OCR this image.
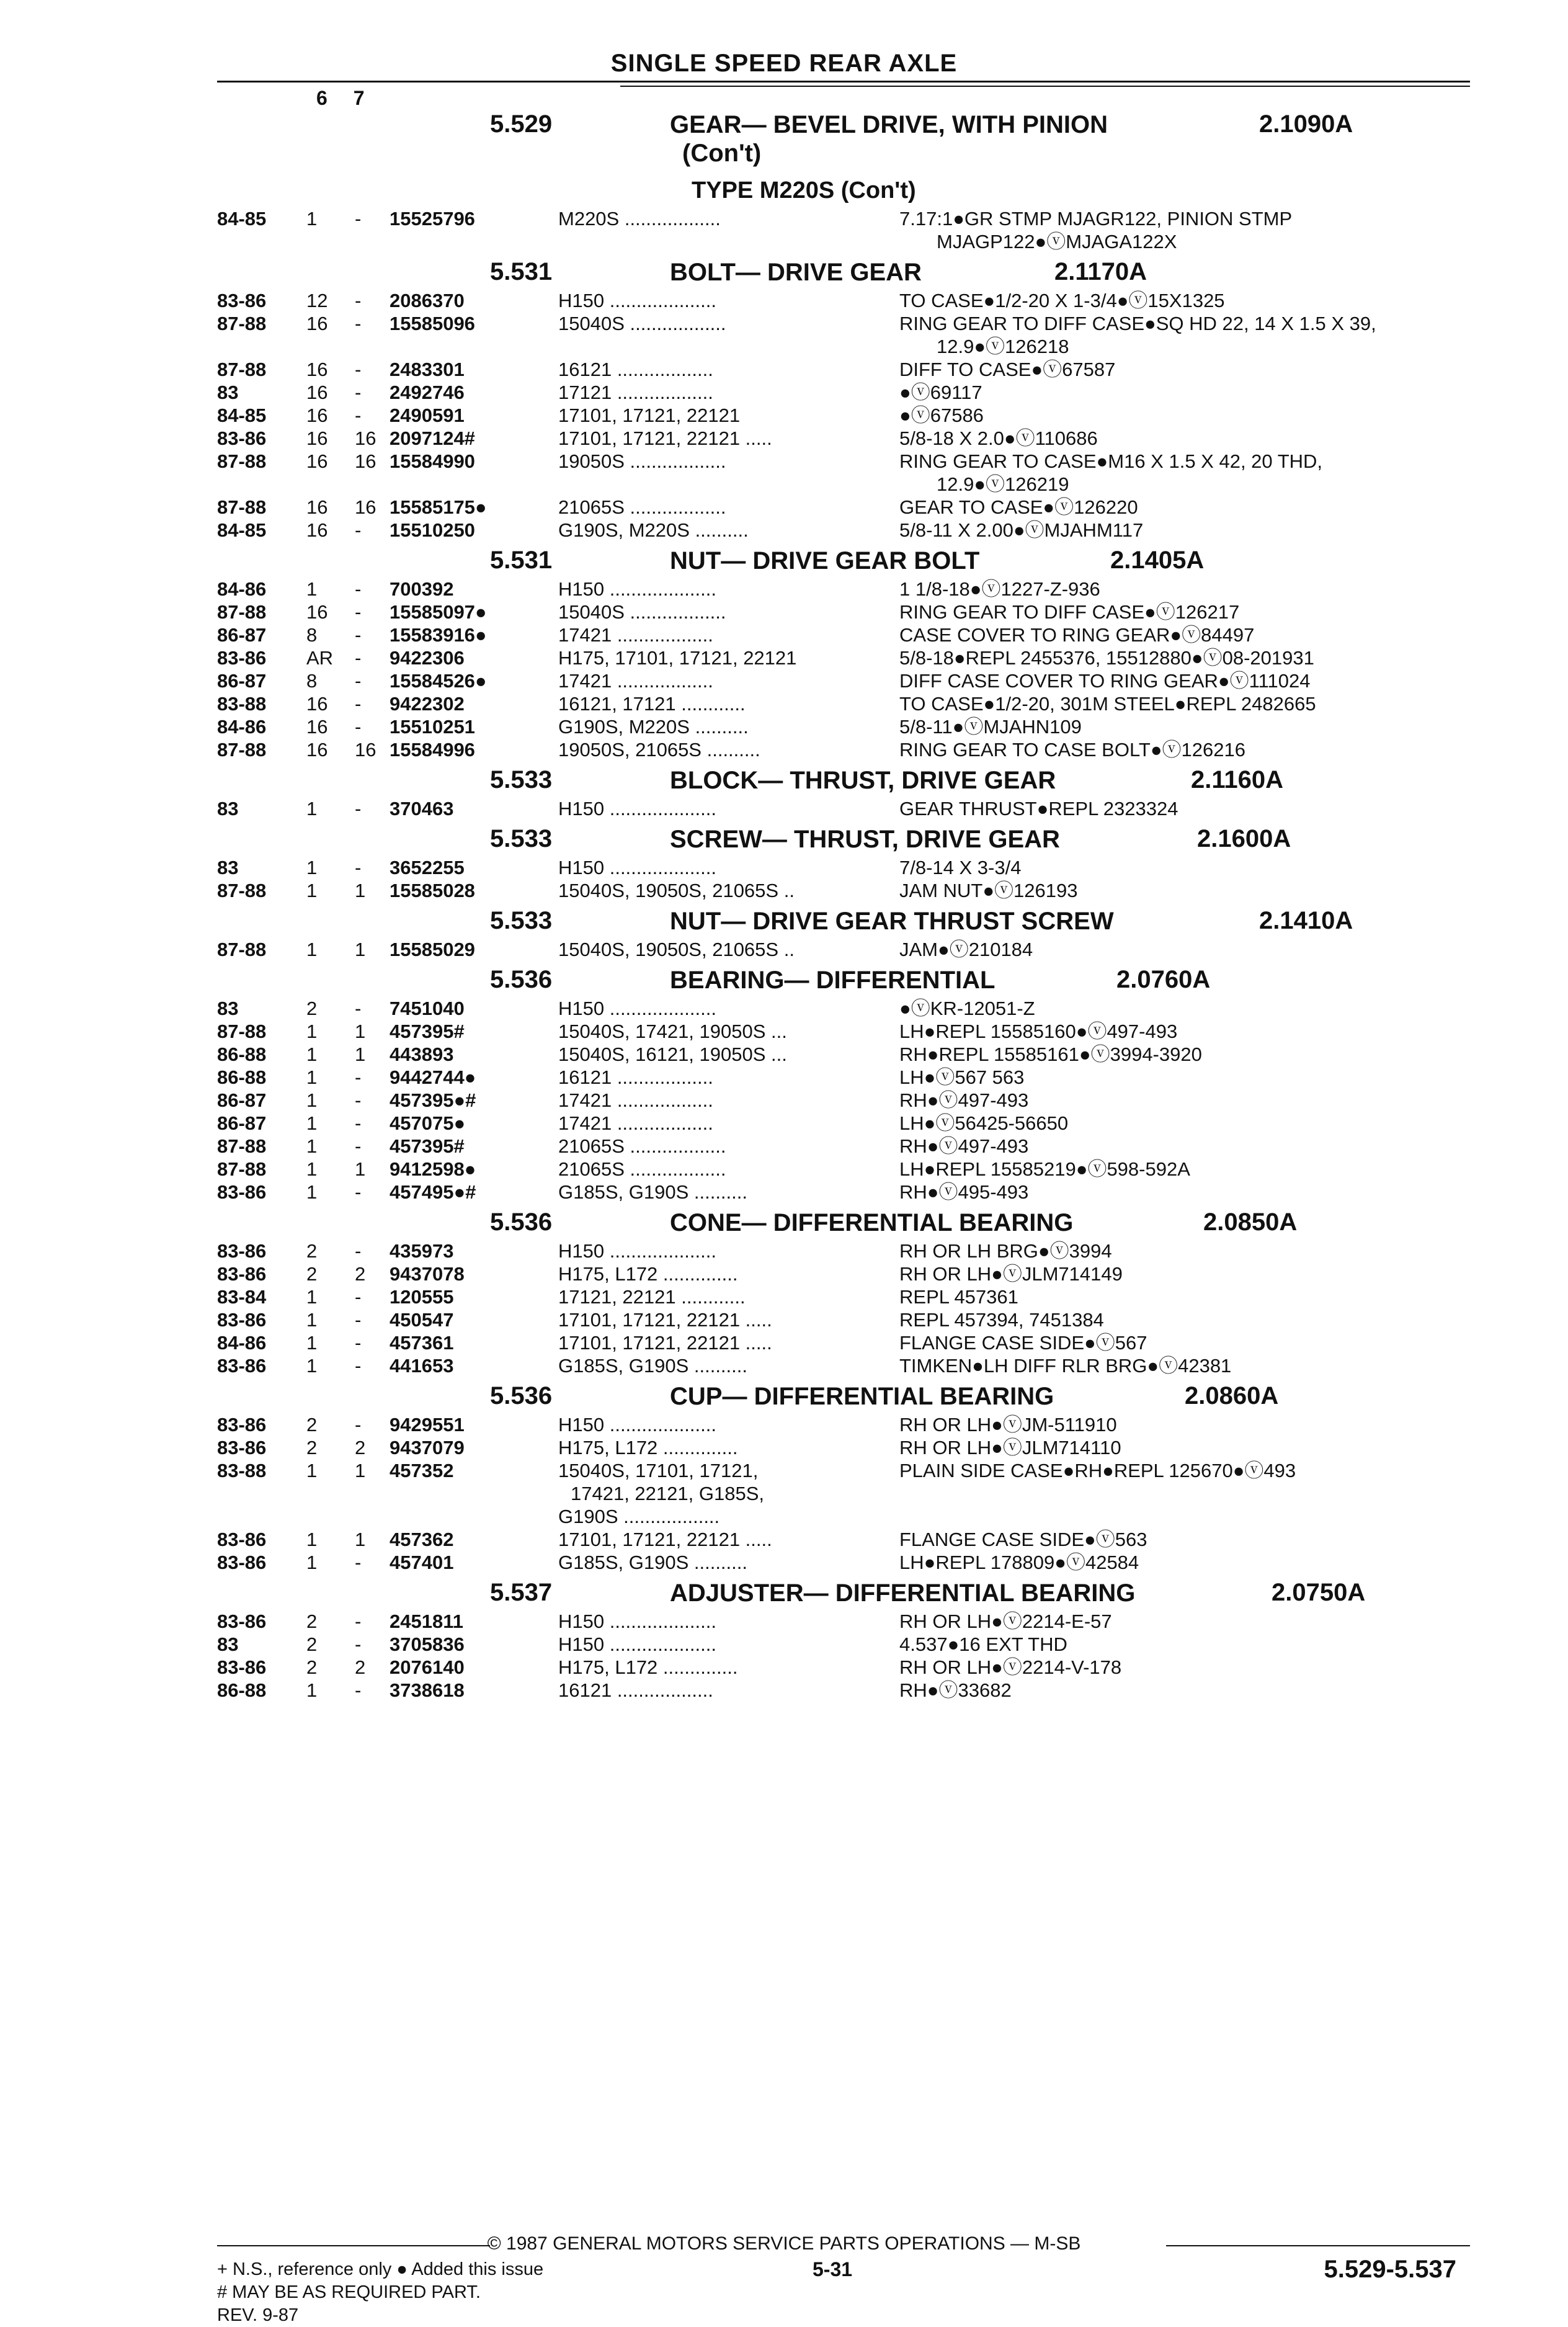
SINGLE SPEED REAR AXLE
6 7
5.529	GEAR— BEVEL DRIVE, WITH PINION
(Con't)
2.1090A
TYPE M220S (Con't)
84-85 1 - 15525796	M220S ..................	7.17:1●GR STMP MJAGR122, PINION STMP
MJAGP122●ⓥMJAGA122X
5.531	BOLT— DRIVE GEAR	2.1170A
83-86 12 - 2086370	H150 ....................	TO CASE●1/2-20 X 1-3/4●ⓥ15X1325
87-88 16 - 15585096	15040S ..................	RING GEAR TO DIFF CASE●SQ HD 22, 14 X 1.5 X 39,
12.9●ⓥ126218
87-88 16 - 2483301	16121 ..................	DIFF TO CASE●ⓥ67587
83	16 - 2492746	17121 ..................	●ⓥ69117
84-85 16 - 2490591	17101, 17121, 22121	●ⓥ67586
83-86 16 16 2097124#	17101, 17121, 22121 .....	5/8-18 X 2.0●ⓥ110686
87-88 16 16 15584990	19050S ..................	RING GEAR TO CASE●M16 X 1.5 X 42, 20 THD,
12.9●ⓥ126219
87-88 16 16 15585175●	21065S ..................	GEAR TO CASE●ⓥ126220
84-85 16 - 15510250	G190S, M220S ..........	5/8-11 X 2.00●ⓥMJAHM117
5.531	NUT— DRIVE GEAR BOLT	2.1405A
84-86 1 - 700392	H150 ....................	1 1/8-18●ⓥ1227-Z-936
87-88 16 - 15585097●	15040S ..................	RING GEAR TO DIFF CASE●ⓥ126217
86-87 8 - 15583916●	17421 ..................	CASE COVER TO RING GEAR●ⓥ84497
83-86 AR - 9422306	H175, 17101, 17121, 22121	5/8-18●REPL 2455376, 15512880●ⓥ08-201931
86-87 8 - 15584526●	17421 ..................	DIFF CASE COVER TO RING GEAR●ⓥ111024
83-88 16 - 9422302	16121, 17121 ............	TO CASE●1/2-20, 301M STEEL●REPL 2482665
84-86 16 - 15510251	G190S, M220S ..........	5/8-11●ⓥMJAHN109
87-88 16 16 15584996	19050S, 21065S ..........	RING GEAR TO CASE BOLT●ⓥ126216
5.533	BLOCK— THRUST, DRIVE GEAR	2.1160A
83	1 - 370463	H150 ....................	GEAR THRUST●REPL 2323324
5.533	SCREW— THRUST, DRIVE GEAR	2.1600A
83	1 - 3652255	H150 ....................	7/8-14 X 3-3/4
87-88 1 1 15585028	15040S, 19050S, 21065S ..	JAM NUT●ⓥ126193
5.533	NUT— DRIVE GEAR THRUST SCREW	2.1410A
87-88 1 1 15585029	15040S, 19050S, 21065S ..	JAM●ⓥ210184
5.536	BEARING— DIFFERENTIAL	2.0760A
83	2 - 7451040	H150 ....................	●ⓥKR-12051-Z
87-88 1 1 457395#	15040S, 17421, 19050S ...	LH●REPL 15585160●ⓥ497-493
86-88 1 1 443893	15040S, 16121, 19050S ...	RH●REPL 15585161●ⓥ3994-3920
86-88 1 - 9442744●	16121 ..................	LH●ⓥ567 563
86-87 1 - 457395●#	17421 ..................	RH●ⓥ497-493
86-87 1 - 457075●	17421 ..................	LH●ⓥ56425-56650
87-88 1 - 457395#	21065S ..................	RH●ⓥ497-493
87-88 1 1 9412598●	21065S ..................	LH●REPL 15585219●ⓥ598-592A
83-86 1 - 457495●#	G185S, G190S ..........	RH●ⓥ495-493
5.536	CONE— DIFFERENTIAL BEARING	2.0850A
83-86 2 - 435973	H150 ....................	RH OR LH BRG●ⓥ3994
83-86 2 2 9437078	H175, L172 ..............	RH OR LH●ⓥJLM714149
83-84 1 - 120555	17121, 22121 ............	REPL 457361
83-86 1 - 450547	17101, 17121, 22121 .....	REPL 457394, 7451384
84-86 1 - 457361	17101, 17121, 22121 .....	FLANGE CASE SIDE●ⓥ567
83-86 1 - 441653	G185S, G190S ..........	TIMKEN●LH DIFF RLR BRG●ⓥ42381
5.536	CUP— DIFFERENTIAL BEARING	2.0860A
83-86 2 - 9429551	H150 ....................	RH OR LH●ⓥJM-511910
83-86 2 2 9437079	H175, L172 ..............	RH OR LH●ⓥJLM714110
83-88 1 1 457352	15040S, 17101, 17121,
17421, 22121, G185S,
G190S ..................
PLAIN SIDE CASE●RH●REPL 125670●ⓥ493
83-86 1 1 457362	17101, 17121, 22121 .....	FLANGE CASE SIDE●ⓥ563
83-86 1 - 457401	G185S, G190S ..........	LH●REPL 178809●ⓥ42584
5.537	ADJUSTER— DIFFERENTIAL BEARING	2.0750A
83-86 2 - 2451811	H150 ....................	RH OR LH●ⓥ2214-E-57
83	2 - 3705836	H150 ....................	4.537●16 EXT THD
83-86 2 2 2076140	H175, L172 ..............	RH OR LH●ⓥ2214-V-178
86-88 1 - 3738618	16121 ..................	RH●ⓥ33682
© 1987 GENERAL MOTORS SERVICE PARTS OPERATIONS — M-SB
+ N.S., reference only ● Added this issue
# MAY BE AS REQUIRED PART.
REV. 9-87
5-31	5.529-5.537
